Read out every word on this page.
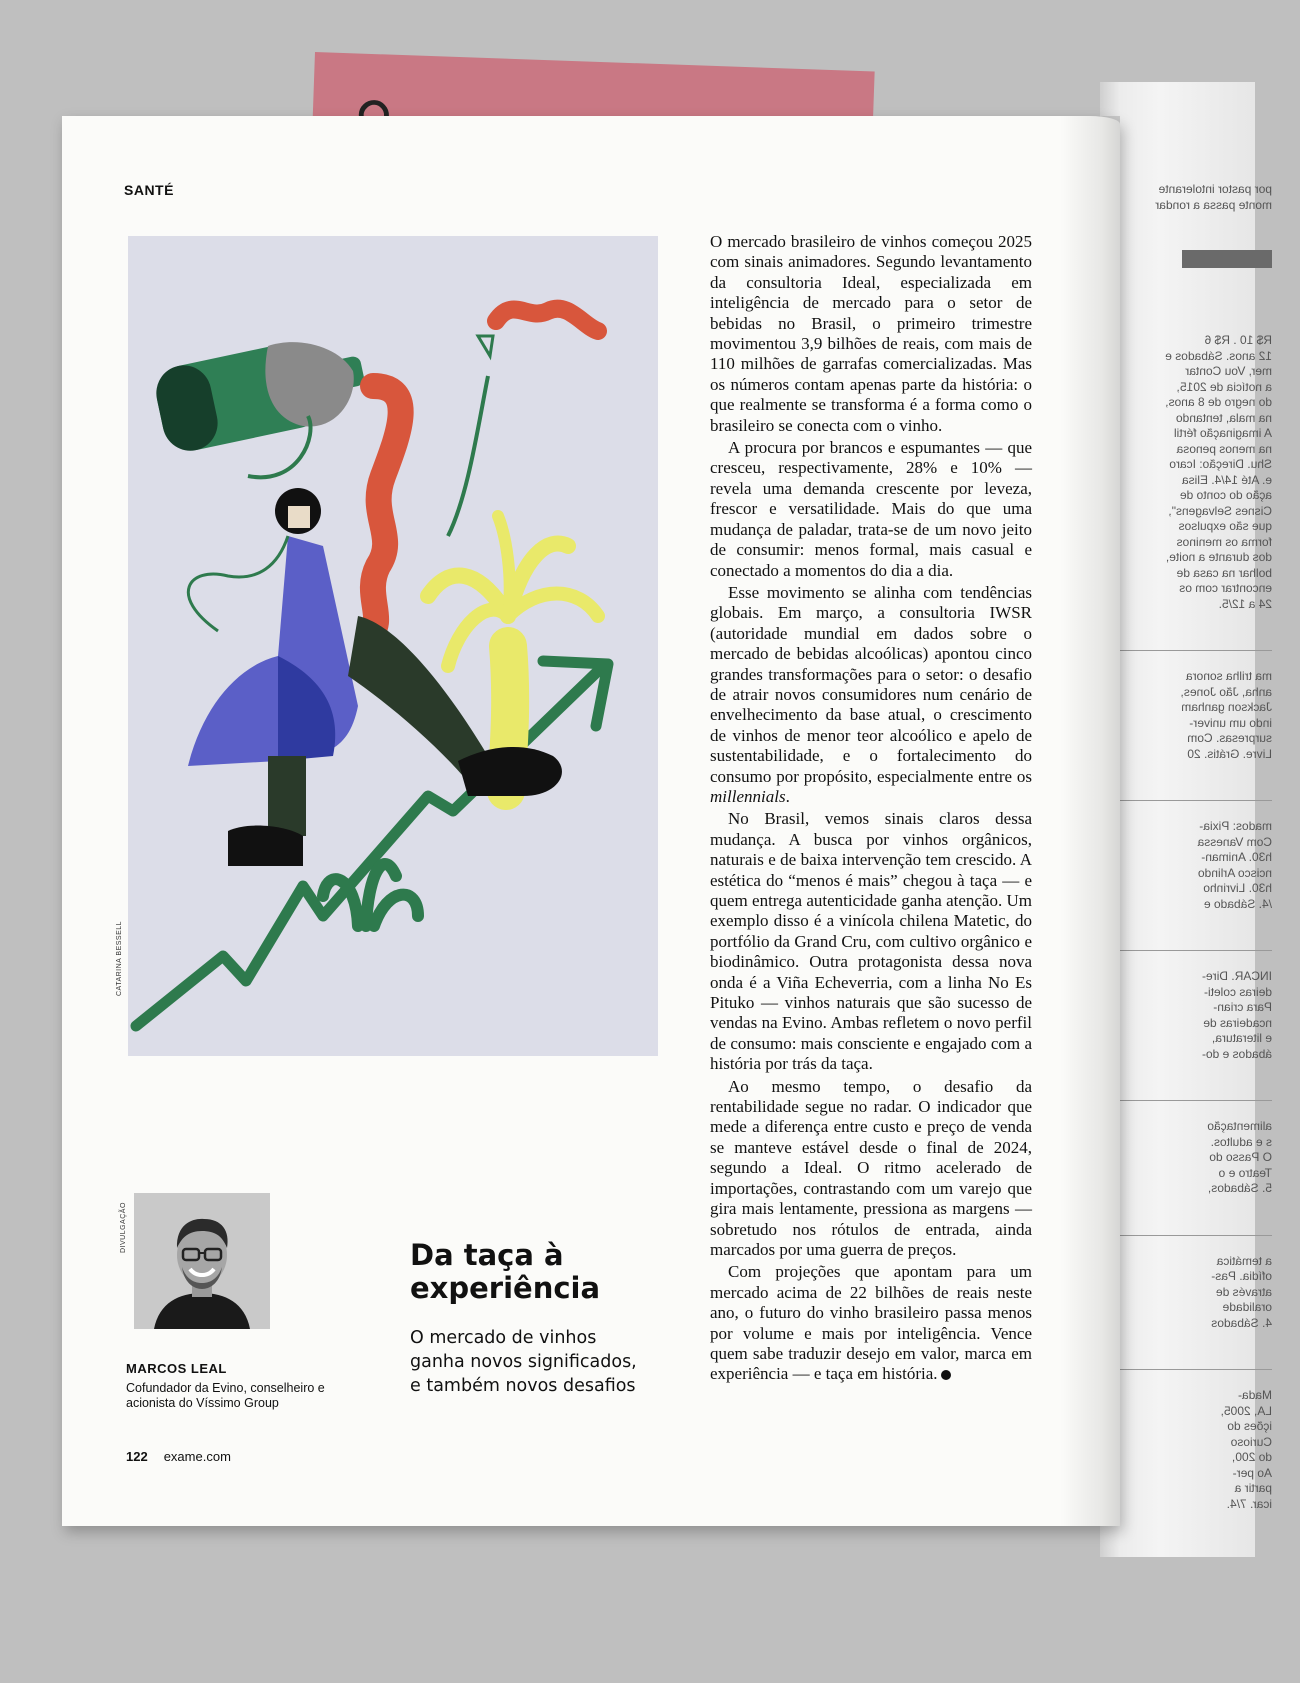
por pastor intolerante

monte passa a rondar

R$ 10 . R$ 6

12 anos. Sábados e

mer, Vou Contar

a notícia de 2015,

do negro de 8 anos,

na mala, tentando

A imaginação fértil

na menos penosa

Shu. Direção: Icaro

e. Até 14/4. Elisa

ação do conto de

Cisnes Selvagens",

que são expulsos

forma os meninos

dos durante a noite,

bolhar na casa de

encontrar com os

24 a 12/5.

ma trilha sonora

anha, Jão Jones,

Jackson ganham

indo um univer-

surpresas. Com

Livre. Grátis. 20

mados: Pixia-

Com Vanessa

h30. Animan-

ncisco Arlindo

h30. Livrinho

/4. Sábado e

INCAR. Dire-

deiras coleti-

Para crian-

ncadeiras de

e literatura,

ábados e do-

alimentação

s e adultos.

O Passo do

Teatro e o

5. Sábados,

a temática

ofídia. Pas-

através de

oralidade

4. Sábados

Mada-

LA, 2005,

ições do

Curioso

do 200,

Ao per-

partir a

icar. 7/4.

SANTÉ
CATARINA BESSELL
DIVULGAÇÃO
MARCOS LEAL
Cofundador da Evino, conselheiro e acionista do Víssimo Group
Da taça à experiência
O mercado de vinhos ganha novos significados, e também novos desafios
122 exame.com

O mercado brasileiro de vinhos começou 2025 com sinais animadores. Segundo levantamento da consultoria Ideal, especializada em inteligência de mercado para o setor de bebidas no Brasil, o primeiro trimestre movimentou 3,9 bilhões de reais, com mais de 110 milhões de garrafas comercializadas. Mas os números contam apenas parte da história: o que realmente se transforma é a forma como o brasileiro se conecta com o vinho.

A procura por brancos e espumantes — que cresceu, respectivamente, 28% e 10% — revela uma demanda crescente por leveza, frescor e versatilidade. Mais do que uma mudança de paladar, trata-se de um novo jeito de consumir: menos formal, mais casual e conectado a momentos do dia a dia.

Esse movimento se alinha com tendências globais. Em março, a consultoria IWSR (autoridade mundial em dados sobre o mercado de bebidas alcoólicas) apontou cinco grandes transformações para o setor: o desafio de atrair novos consumidores num cenário de envelhecimento da base atual, o crescimento de vinhos de menor teor alcoólico e apelo de sustentabilidade, e o fortalecimento do consumo por propósito, especialmente entre os millennials.

No Brasil, vemos sinais claros dessa mudança. A busca por vinhos orgânicos, naturais e de baixa intervenção tem crescido. A estética do “menos é mais” chegou à taça — e quem entrega autenticidade ganha atenção. Um exemplo disso é a vinícola chilena Matetic, do portfólio da Grand Cru, com cultivo orgânico e biodinâmico. Outra protagonista dessa nova onda é a Viña Echeverria, com a linha No Es Pituko — vinhos naturais que são sucesso de vendas na Evino. Ambas refletem o novo perfil de consumo: mais consciente e engajado com a história por trás da taça.

Ao mesmo tempo, o desafio da rentabilidade segue no radar. O indicador que mede a diferença entre custo e preço de venda se manteve estável desde o final de 2024, segundo a Ideal. O ritmo acelerado de importações, contrastando com um varejo que gira mais lentamente, pressiona as margens — sobretudo nos rótulos de entrada, ainda marcados por uma guerra de preços.

Com projeções que apontam para um mercado acima de 22 bilhões de reais neste ano, o futuro do vinho brasileiro passa menos por volume e mais por inteligência. Vence quem sabe traduzir desejo em valor, marca em experiência — e taça em história.
